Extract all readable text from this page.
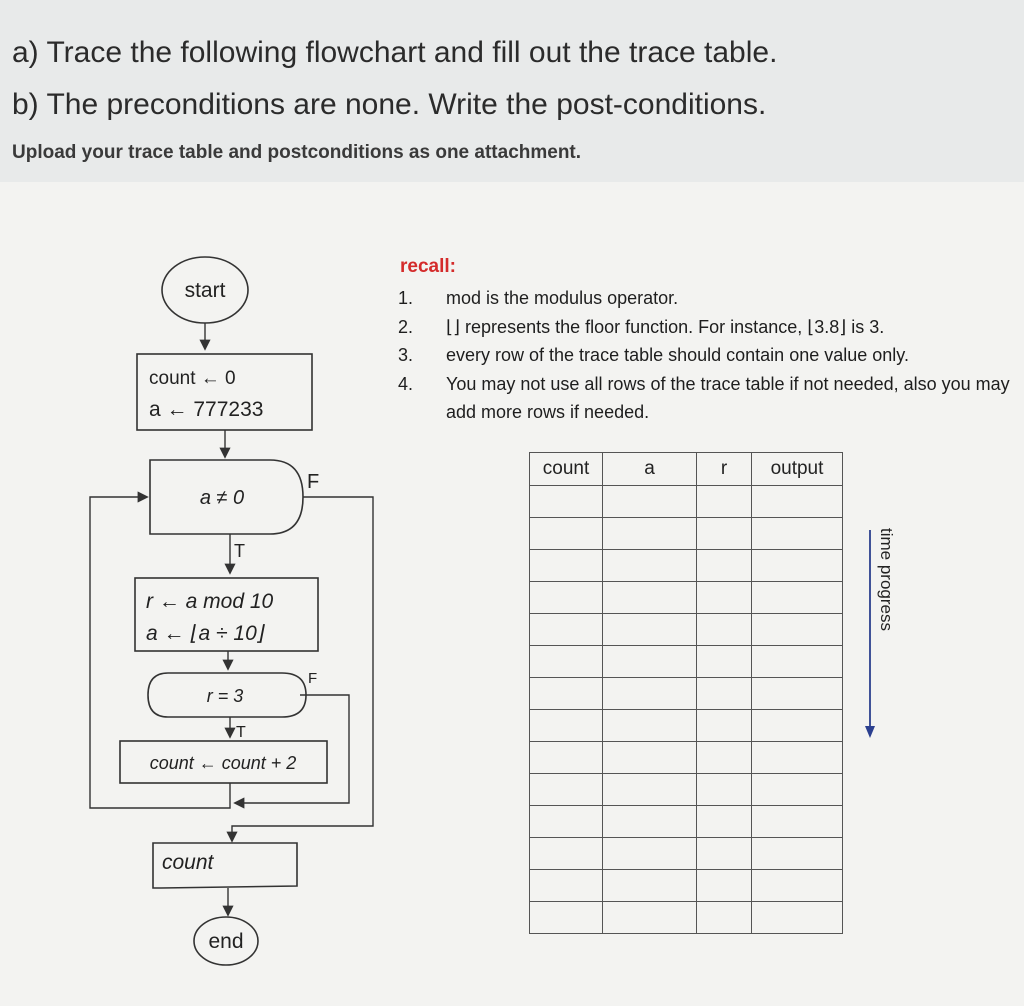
a) Trace the following flowchart and fill out the trace table.
b) The preconditions are none. Write the post-conditions.

Upload your trace table and postconditions as one attachment.

start
count ← 0
a ← 777233
a ≠ 0
F
T
r ← a mod 10
a ← ⌊a ÷ 10⌋
r = 3
F
T
count ← count + 2
count
end

recall:

1.	mod is the modulus operator.
2.	⌊⌋ represents the floor function. For instance, ⌊3.8⌋ is 3.
3.	every row of the trace table should contain one value only.
4.	You may not use all rows of the trace table if not needed, also you may add more rows if needed.
count	a	r	output

time progress
